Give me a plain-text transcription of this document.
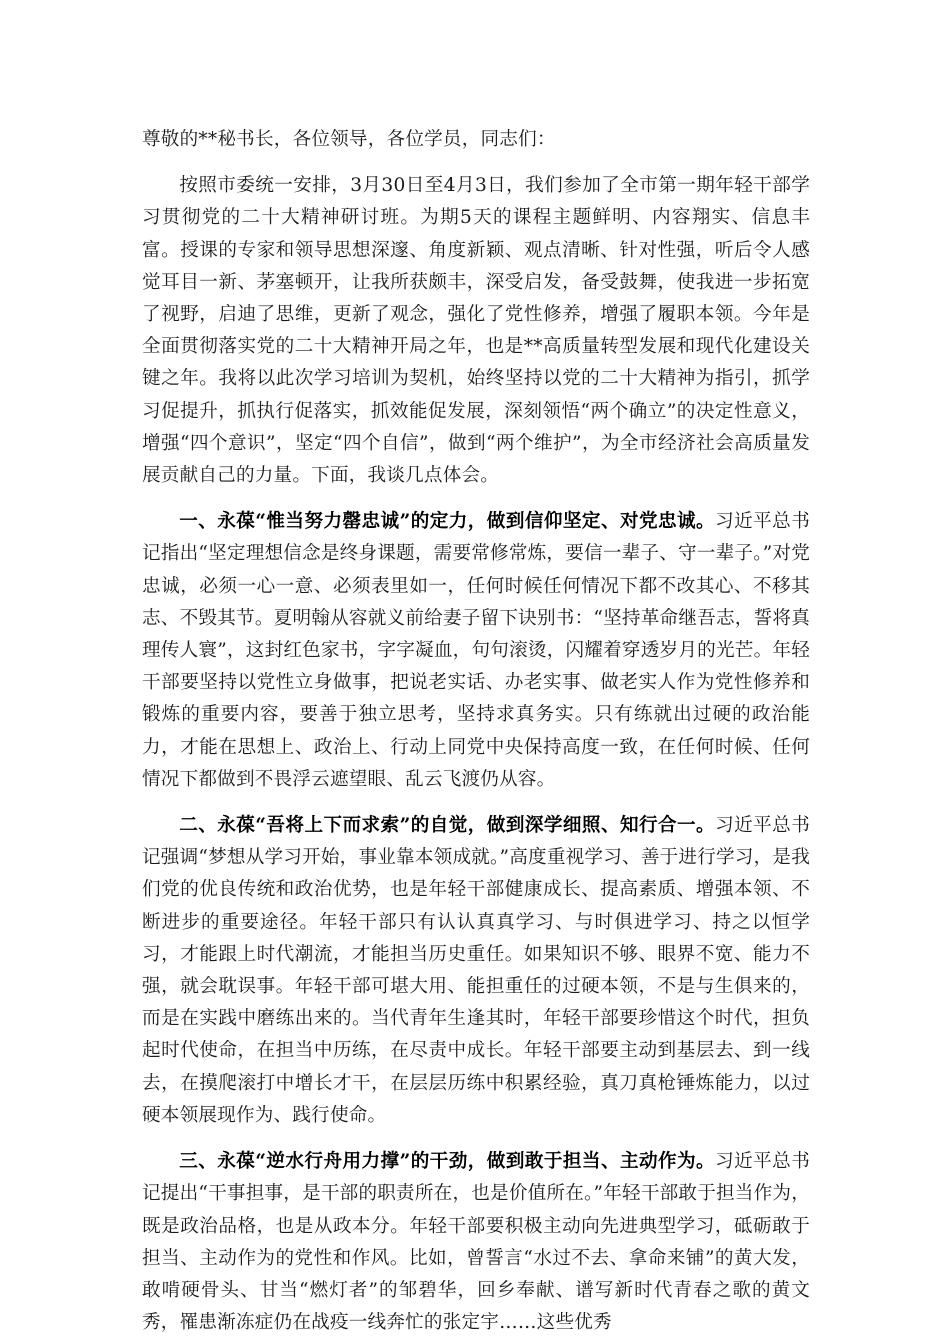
尊敬的**秘书长，各位领导，各位学员，同志们：

按照市委统一安排，3月30日至4月3日，我们参加了全市第一期年轻干部学习贯彻党的二十大精神研讨班。为期5天的课程主题鲜明、内容翔实、信息丰富。授课的专家和领导思想深邃、角度新颖、观点清晰、针对性强，听后令人感觉耳目一新、茅塞顿开，让我所获颇丰，深受启发，备受鼓舞，使我进一步拓宽了视野，启迪了思维，更新了观念，强化了党性修养，增强了履职本领。今年是全面贯彻落实党的二十大精神开局之年，也是**高质量转型发展和现代化建设关键之年。我将以此次学习培训为契机，始终坚持以党的二十大精神为指引，抓学习促提升，抓执行促落实，抓效能促发展，深刻领悟“两个确立”的决定性意义，增强“四个意识”，坚定“四个自信”，做到“两个维护”，为全市经济社会高质量发展贡献自己的力量。下面，我谈几点体会。

一、永葆“惟当努力罄忠诚”的定力，做到信仰坚定、对党忠诚。习近平总书记指出“坚定理想信念是终身课题，需要常修常炼，要信一辈子、守一辈子。”对党忠诚，必须一心一意、必须表里如一，任何时候任何情况下都不改其心、不移其志、不毁其节。夏明翰从容就义前给妻子留下诀别书：“坚持革命继吾志，誓将真理传人寰”，这封红色家书，字字凝血，句句滚烫，闪耀着穿透岁月的光芒。年轻干部要坚持以党性立身做事，把说老实话、办老实事、做老实人作为党性修养和锻炼的重要内容，要善于独立思考，坚持求真务实。只有练就出过硬的政治能力，才能在思想上、政治上、行动上同党中央保持高度一致，在任何时候、任何情况下都做到不畏浮云遮望眼、乱云飞渡仍从容。

二、永葆“吾将上下而求索”的自觉，做到深学细照、知行合一。习近平总书记强调“梦想从学习开始，事业靠本领成就。”高度重视学习、善于进行学习，是我们党的优良传统和政治优势，也是年轻干部健康成长、提高素质、增强本领、不断进步的重要途径。年轻干部只有认认真真学习、与时俱进学习、持之以恒学习，才能跟上时代潮流，才能担当历史重任。如果知识不够、眼界不宽、能力不强，就会耽误事。年轻干部可堪大用、能担重任的过硬本领，不是与生俱来的，而是在实践中磨练出来的。当代青年生逢其时，年轻干部要珍惜这个时代，担负起时代使命，在担当中历练，在尽责中成长。年轻干部要主动到基层去、到一线去，在摸爬滚打中增长才干，在层层历练中积累经验，真刀真枪锤炼能力，以过硬本领展现作为、践行使命。

三、永葆“逆水行舟用力撑”的干劲，做到敢于担当、主动作为。习近平总书记提出“干事担事，是干部的职责所在，也是价值所在。”年轻干部敢于担当作为，既是政治品格，也是从政本分。年轻干部要积极主动向先进典型学习，砥砺敢于担当、主动作为的党性和作风。比如，曾誓言“水过不去、拿命来铺”的黄大发，敢啃硬骨头、甘当“燃灯者”的邹碧华，回乡奉献、谱写新时代青春之歌的黄文秀，罹患渐冻症仍在战疫一线奔忙的张定宇……这些优秀
